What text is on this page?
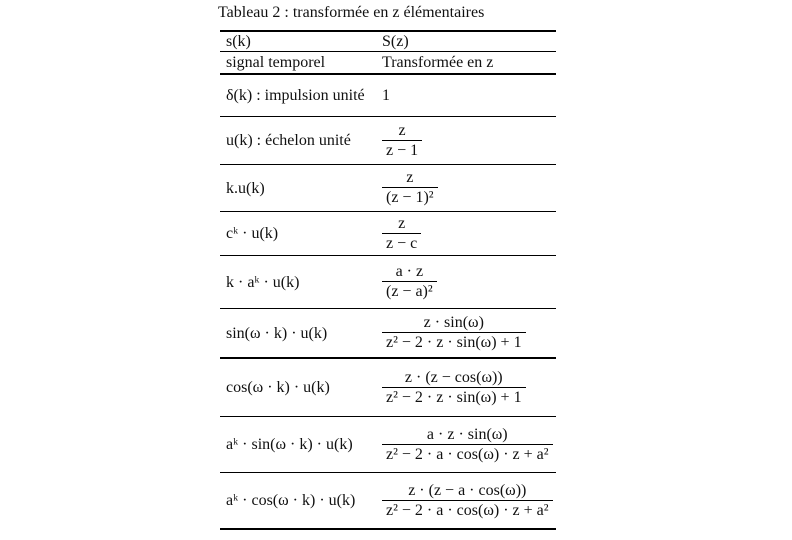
Tableau 2 : transformée en z élémentaires
s(k)	S(z)
signal temporel	Transformée en z
δ(k) : impulsion unité	1
u(k) : échelon unité	$\frac{z}{z - 1}$
k.u(k)	$\frac{z}{\text{(z − 1)²}}$
cᵏ · u(k)	$\frac{z}{z - c}$
k · aᵏ · u(k)	$\frac{a \cdot z}{\text{(z − a)²}}$
sin(ω · k) · u(k)	$\frac{z \cdot \sin(\omega)}{\text{z² − 2 · z · sin(ω) + 1}}$
cos(ω · k) · u(k)	$\frac{z \cdot (z - \cos(\omega))}{\text{z² − 2 · z · sin(ω) + 1}}$
aᵏ · sin(ω · k) · u(k)	$\frac{a \cdot z \cdot \sin(\omega)}{\text{z² − 2 · a · cos(ω) · z + a²}}$
aᵏ · cos(ω · k) · u(k)	$\frac{z \cdot (z - a \cdot \cos(\omega))}{\text{z² − 2 · a · cos(ω) · z + a²}}$
